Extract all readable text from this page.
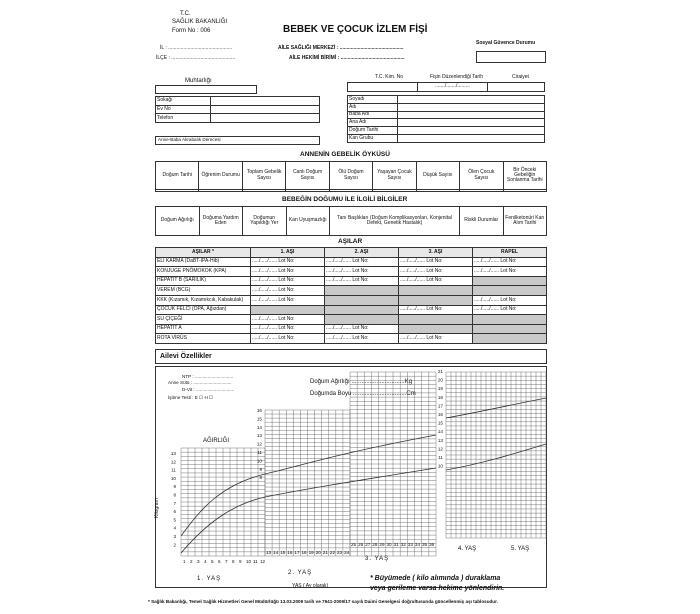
T.C.
SAĞLIK BAKANLIĞI
Form No : 006	BEBEK VE ÇOCUK İZLEM FİŞİ
İL : ..............................................
İLÇE : ..............................................
AİLE SAĞLIĞI MERKEZİ : ..............................................
AİLE HEKİMİ BİRİMİ : ..............................................
Sosyal Güvence Durumu
Muhtarlığı
Sokağı	
Ev No	
Telefon	
Anne-Baba Akrabalık Derecesi
T.C. Kim. No	Fişin Düzenlendiği Tarih	Ciraiyet
	......./......./.........	
Soyadı	
Adı	
Baba Adı	
Ana Adı	
Doğum Tarihi	
Kan Grubu	
ANNENİN GEBELİK ÖYKÜSÜ
Doğum Tarihi	Öğrenim Durumu	Toplam Gebelik Sayısı	Canlı Doğum Sayısı	Ölü Doğum Sayısı	Yaşayan Çocuk Sayısı	Düşük Sayısı	Ölen Çocuk Sayısı	Bir Önceki Gebeliğin Sonlanma Tarihi

BEBEĞİN DOĞUMU İLE İLGİLİ BİLGİLER
Doğum Ağırlığı	Doğuma Yardım Eden	Doğumun Yapıldığı Yer	Kan Uyuşmazlığı	Tanı Başlıkları (Doğum Komplikasyonları, Konjenital Defekt, Genetik Hastalık)	Riskli Durumlar	Fenilketonüri Kan Alım Tarihi
AŞILAR
AŞILAR *	1. AŞI	2. AŞI	3. AŞI	RAPEL
ELİ KARMA (DaBT-İPA-Hib)	...../...../...... Lot No:	...../...../...... Lot No:	...../...../...... Lot No:	...../...../...... Lot No:
KONJUGE PNÖMOKOK (KPA)	...../...../...... Lot No:	...../...../...... Lot No:	...../...../...... Lot No:	...../...../...... Lot No:
HEPATİT B (SARILIK)	...../...../...... Lot No:	...../...../...... Lot No:	...../...../...... Lot No:	
VEREM (BCG)	...../...../...... Lot No:			
KKK (Kızamık, Kızamıkcık, Kabakulak)	...../...../...... Lot No:			...../...../...... Lot No:
ÇOCUK FELCİ (OPA, Ağızdan)			...../...../...... Lot No:	...../...../...... Lot No:
SU ÇİÇEĞİ	...../...../...... Lot No:			
HEPATİT A	...../...../...... Lot No:	...../...../...... Lot No:		
ROTA VİRÜS	...../...../...... Lot No:	...../...../...... Lot No:	...../...../...... Lot No:	
Ailevi Özellikler
NTP : ..............................
Anne Sütü : ..............................
D-Vit : ..............................
İşitme Testi : E ☐ H ☐
Doğum Ağırlığı ................................Kg
Doğumda Boyu ................................Cm
AĞIRLIĞI
Kilogram
13
12
11
10
9
8
7
6
5
4
3
2
1 2 3 4 5 6 7 8 9 10 11 12
16
15
14
13
12
11
10
9
8
13 14 15 16 17 18 19 20 21 22 23 24
25 26 27 28 29 30 31 32 33 34 35 36
21
20
19
18
17
16
15
14
13
12
11
10
1. YAŞ
2. YAŞ
3. YAŞ
4. YAŞ	5. YAŞ
YAŞ ( Ay olarak)
* Büyümede ( kilo alımında ) duraklama
veya gerileme varsa hekime yönlendirin.
* Sağlık Bakanlığı, Temel Sağlık Hizmetleri Genel Müdürlüğü 13.03.2009 tarih ve 7941-2009/17 sayılı Daimi Genelgesi doğrultusunda güncellenmiş aşı tablosudur.
